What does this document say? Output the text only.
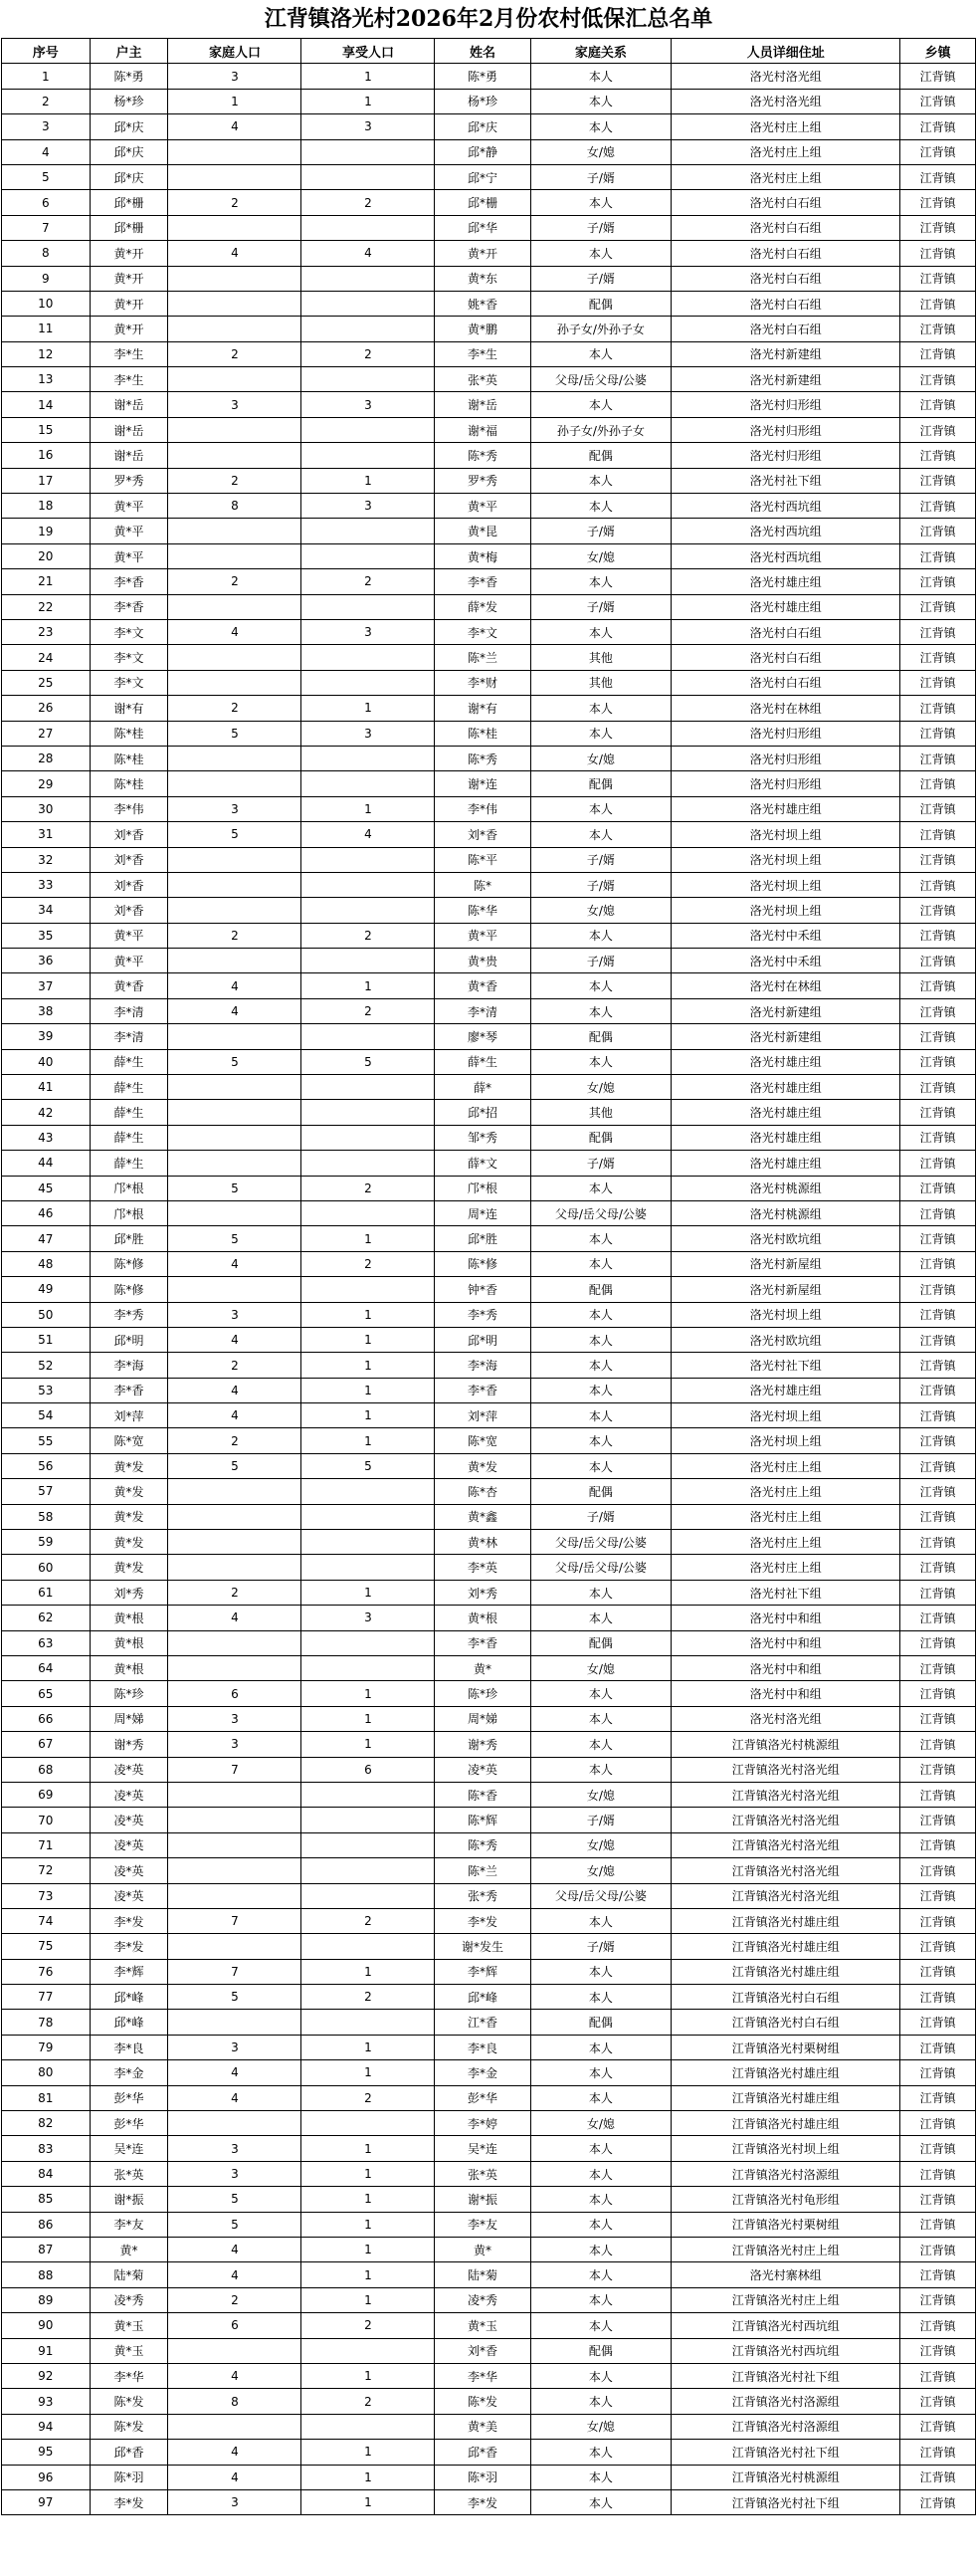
江背镇洛光村2026年2月份农村低保汇总名单
序号	户主	家庭人口	享受人口	姓名	家庭关系	人员详细住址	乡镇
1	陈*勇	3	1	陈*勇	本人	洛光村洛光组	江背镇
2	杨*珍	1	1	杨*珍	本人	洛光村洛光组	江背镇
3	邱*庆	4	3	邱*庆	本人	洛光村庄上组	江背镇
4	邱*庆			邱*静	女/媳	洛光村庄上组	江背镇
5	邱*庆			邱*宁	子/婿	洛光村庄上组	江背镇
6	邱*栅	2	2	邱*栅	本人	洛光村白石组	江背镇
7	邱*栅			邱*华	子/婿	洛光村白石组	江背镇
8	黄*开	4	4	黄*开	本人	洛光村白石组	江背镇
9	黄*开			黄*东	子/婿	洛光村白石组	江背镇
10	黄*开			姚*香	配偶	洛光村白石组	江背镇
11	黄*开			黄*鹏	孙子女/外孙子女	洛光村白石组	江背镇
12	李*生	2	2	李*生	本人	洛光村新建组	江背镇
13	李*生			张*英	父母/岳父母/公婆	洛光村新建组	江背镇
14	谢*岳	3	3	谢*岳	本人	洛光村归形组	江背镇
15	谢*岳			谢*福	孙子女/外孙子女	洛光村归形组	江背镇
16	谢*岳			陈*秀	配偶	洛光村归形组	江背镇
17	罗*秀	2	1	罗*秀	本人	洛光村社下组	江背镇
18	黄*平	8	3	黄*平	本人	洛光村西坑组	江背镇
19	黄*平			黄*昆	子/婿	洛光村西坑组	江背镇
20	黄*平			黄*梅	女/媳	洛光村西坑组	江背镇
21	李*香	2	2	李*香	本人	洛光村雄庄组	江背镇
22	李*香			薛*发	子/婿	洛光村雄庄组	江背镇
23	李*文	4	3	李*文	本人	洛光村白石组	江背镇
24	李*文			陈*兰	其他	洛光村白石组	江背镇
25	李*文			李*财	其他	洛光村白石组	江背镇
26	谢*有	2	1	谢*有	本人	洛光村在林组	江背镇
27	陈*桂	5	3	陈*桂	本人	洛光村归形组	江背镇
28	陈*桂			陈*秀	女/媳	洛光村归形组	江背镇
29	陈*桂			谢*连	配偶	洛光村归形组	江背镇
30	李*伟	3	1	李*伟	本人	洛光村雄庄组	江背镇
31	刘*香	5	4	刘*香	本人	洛光村坝上组	江背镇
32	刘*香			陈*平	子/婿	洛光村坝上组	江背镇
33	刘*香			陈*	子/婿	洛光村坝上组	江背镇
34	刘*香			陈*华	女/媳	洛光村坝上组	江背镇
35	黄*平	2	2	黄*平	本人	洛光村中禾组	江背镇
36	黄*平			黄*贵	子/婿	洛光村中禾组	江背镇
37	黄*香	4	1	黄*香	本人	洛光村在林组	江背镇
38	李*清	4	2	李*清	本人	洛光村新建组	江背镇
39	李*清			廖*琴	配偶	洛光村新建组	江背镇
40	薛*生	5	5	薛*生	本人	洛光村雄庄组	江背镇
41	薛*生			薛*	女/媳	洛光村雄庄组	江背镇
42	薛*生			邱*招	其他	洛光村雄庄组	江背镇
43	薛*生			邹*秀	配偶	洛光村雄庄组	江背镇
44	薛*生			薛*文	子/婿	洛光村雄庄组	江背镇
45	邝*根	5	2	邝*根	本人	洛光村桃源组	江背镇
46	邝*根			周*连	父母/岳父母/公婆	洛光村桃源组	江背镇
47	邱*胜	5	1	邱*胜	本人	洛光村欧坑组	江背镇
48	陈*修	4	2	陈*修	本人	洛光村新屋组	江背镇
49	陈*修			钟*香	配偶	洛光村新屋组	江背镇
50	李*秀	3	1	李*秀	本人	洛光村坝上组	江背镇
51	邱*明	4	1	邱*明	本人	洛光村欧坑组	江背镇
52	李*海	2	1	李*海	本人	洛光村社下组	江背镇
53	李*香	4	1	李*香	本人	洛光村雄庄组	江背镇
54	刘*萍	4	1	刘*萍	本人	洛光村坝上组	江背镇
55	陈*宽	2	1	陈*宽	本人	洛光村坝上组	江背镇
56	黄*发	5	5	黄*发	本人	洛光村庄上组	江背镇
57	黄*发			陈*杏	配偶	洛光村庄上组	江背镇
58	黄*发			黄*鑫	子/婿	洛光村庄上组	江背镇
59	黄*发			黄*林	父母/岳父母/公婆	洛光村庄上组	江背镇
60	黄*发			李*英	父母/岳父母/公婆	洛光村庄上组	江背镇
61	刘*秀	2	1	刘*秀	本人	洛光村社下组	江背镇
62	黄*根	4	3	黄*根	本人	洛光村中和组	江背镇
63	黄*根			李*香	配偶	洛光村中和组	江背镇
64	黄*根			黄*	女/媳	洛光村中和组	江背镇
65	陈*珍	6	1	陈*珍	本人	洛光村中和组	江背镇
66	周*娣	3	1	周*娣	本人	洛光村洛光组	江背镇
67	谢*秀	3	1	谢*秀	本人	江背镇洛光村桃源组	江背镇
68	凌*英	7	6	凌*英	本人	江背镇洛光村洛光组	江背镇
69	凌*英			陈*香	女/媳	江背镇洛光村洛光组	江背镇
70	凌*英			陈*辉	子/婿	江背镇洛光村洛光组	江背镇
71	凌*英			陈*秀	女/媳	江背镇洛光村洛光组	江背镇
72	凌*英			陈*兰	女/媳	江背镇洛光村洛光组	江背镇
73	凌*英			张*秀	父母/岳父母/公婆	江背镇洛光村洛光组	江背镇
74	李*发	7	2	李*发	本人	江背镇洛光村雄庄组	江背镇
75	李*发			谢*发生	子/婿	江背镇洛光村雄庄组	江背镇
76	李*辉	7	1	李*辉	本人	江背镇洛光村雄庄组	江背镇
77	邱*峰	5	2	邱*峰	本人	江背镇洛光村白石组	江背镇
78	邱*峰			江*香	配偶	江背镇洛光村白石组	江背镇
79	李*良	3	1	李*良	本人	江背镇洛光村栗树组	江背镇
80	李*金	4	1	李*金	本人	江背镇洛光村雄庄组	江背镇
81	彭*华	4	2	彭*华	本人	江背镇洛光村雄庄组	江背镇
82	彭*华			李*婷	女/媳	江背镇洛光村雄庄组	江背镇
83	吴*连	3	1	吴*连	本人	江背镇洛光村坝上组	江背镇
84	张*英	3	1	张*英	本人	江背镇洛光村洛源组	江背镇
85	谢*振	5	1	谢*振	本人	江背镇洛光村龟形组	江背镇
86	李*友	5	1	李*友	本人	江背镇洛光村栗树组	江背镇
87	黄*	4	1	黄*	本人	江背镇洛光村庄上组	江背镇
88	陆*菊	4	1	陆*菊	本人	洛光村寨林组	江背镇
89	凌*秀	2	1	凌*秀	本人	江背镇洛光村庄上组	江背镇
90	黄*玉	6	2	黄*玉	本人	江背镇洛光村西坑组	江背镇
91	黄*玉			刘*香	配偶	江背镇洛光村西坑组	江背镇
92	李*华	4	1	李*华	本人	江背镇洛光村社下组	江背镇
93	陈*发	8	2	陈*发	本人	江背镇洛光村洛源组	江背镇
94	陈*发			黄*美	女/媳	江背镇洛光村洛源组	江背镇
95	邱*香	4	1	邱*香	本人	江背镇洛光村社下组	江背镇
96	陈*羽	4	1	陈*羽	本人	江背镇洛光村桃源组	江背镇
97	李*发	3	1	李*发	本人	江背镇洛光村社下组	江背镇
